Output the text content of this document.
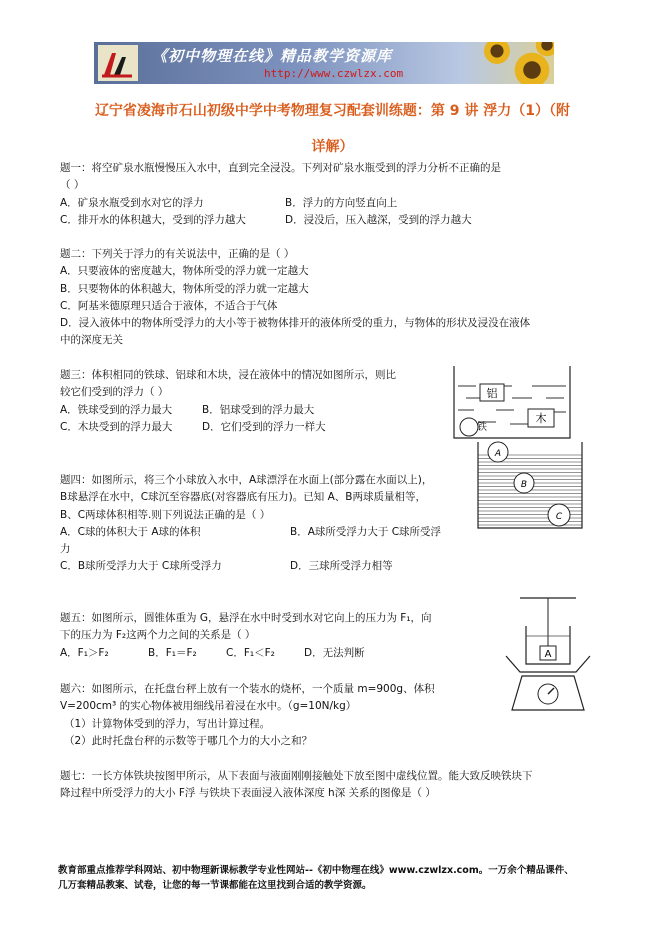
《初中物理在线》精品教学资源库
http://www.czwlzx.com
辽宁省凌海市石山初级中学中考物理复习配套训练题：第 9 讲 浮力（1）（附
详解）
题一：将空矿泉水瓶慢慢压入水中，直到完全浸没。下列对矿泉水瓶受到的浮力分析不正确的是
（ ）
A．矿泉水瓶受到水对它的浮力	B．浮力的方向竖直向上
C．排开水的体积越大，受到的浮力越大	D．浸没后，压入越深，受到的浮力越大
题二：下列关于浮力的有关说法中，正确的是（ ）
A．只要液体的密度越大，物体所受的浮力就一定越大
B．只要物体的体积越大，物体所受的浮力就一定越大
C．阿基米德原理只适合于液体，不适合于气体
D．浸入液体中的物体所受浮力的大小等于被物体排开的液体所受的重力，与物体的形状及浸没在液体
中的深度无关
题三：体积相同的铁球、铝球和木块，浸在液体中的情况如图所示，则比
较它们受到的浮力（ ）
A．铁球受到的浮力最大	B．铝球受到的浮力最大
C．木块受到的浮力最大	D．它们受到的浮力一样大
铝
木
铁
题四：如图所示，将三个小球放入水中，A球漂浮在水面上(部分露在水面以上)，
B球悬浮在水中，C球沉至容器底(对容器底有压力)。已知 A、B两球质量相等，
B、C两球体积相等.则下列说法正确的是（ ）
A．C球的体积大于 A球的体积	B．A球所受浮力大于 C球所受浮
力
C．B球所受浮力大于 C球所受浮力	D．三球所受浮力相等
A
B
C
题五：如图所示，圆锥体重为 G，悬浮在水中时受到水对它向上的压力为 F₁，向
下的压力为 F₂这两个力之间的关系是（ ）
A．F₁＞F₂	B．F₁＝F₂	C．F₁＜F₂	D．无法判断	A
题六：如图所示，在托盘台秤上放有一个装水的烧杯，一个质量 m=900g、体积
V=200cm³ 的实心物体被用细线吊着浸在水中。（g=10N/kg）
（1）计算物体受到的浮力，写出计算过程。
（2）此时托盘台秤的示数等于哪几个力的大小之和？
题七：一长方体铁块按图甲所示，从下表面与液面刚刚接触处下放至图中虚线位置。能大致反映铁块下
降过程中所受浮力的大小 F浮 与铁块下表面浸入液体深度 h深 关系的图像是（ ）
教育部重点推荐学科网站、初中物理新课标教学专业性网站--《初中物理在线》www.czwlzx.com。一万余个精品课件、
几万套精品教案、试卷，让您的每一节课都能在这里找到合适的教学资源。
